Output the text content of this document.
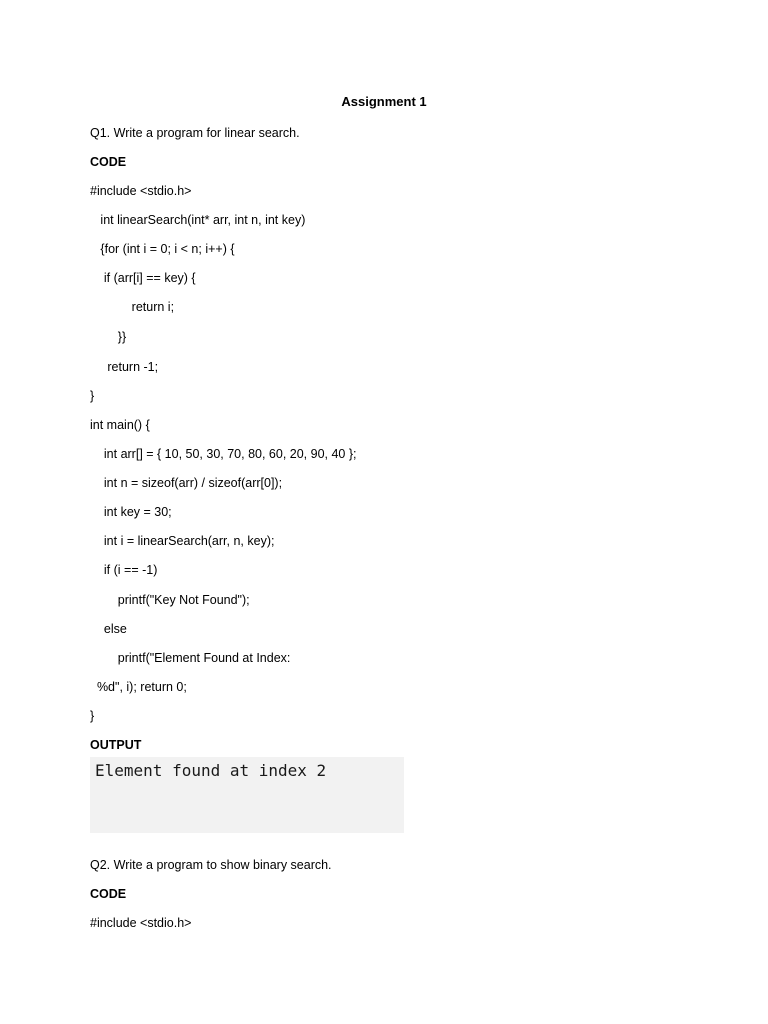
Assignment 1
Q1. Write a program for linear search.
CODE
#include <stdio.h>
int linearSearch(int* arr, int n, int key)
{for (int i = 0; i < n; i++) {
if (arr[i] == key) {
return i;
}}
return -1;
}
int main() {
int arr[] = { 10, 50, 30, 70, 80, 60, 20, 90, 40 };
int n = sizeof(arr) / sizeof(arr[0]);
int key = 30;
int i = linearSearch(arr, n, key);
if (i == -1)
printf("Key Not Found");
else
printf("Element Found at Index:
%d", i); return 0;
}
OUTPUT
Element found at index 2
Q2. Write a program to show binary search.
CODE
#include <stdio.h>
